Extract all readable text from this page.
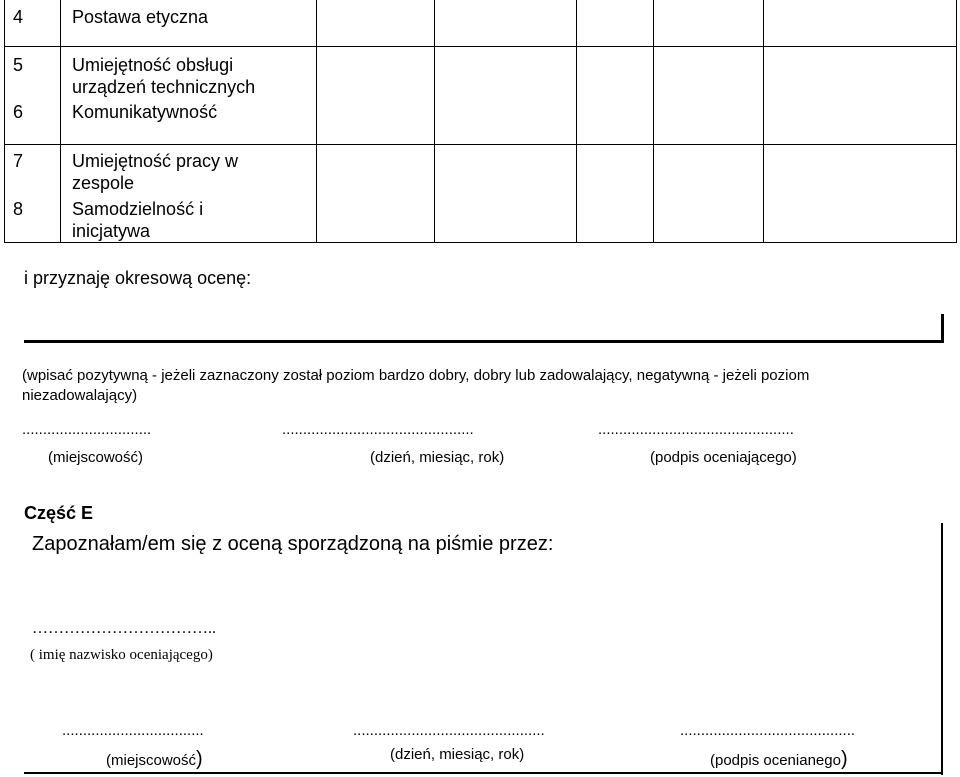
4	Postawa etyczna
5	Umiejętność obsługi
urządzeń technicznych
6	Komunikatywność
7	Umiejętność pracy w
zespole
8	Samodzielność i
inicjatywa
i przyznaję okresową ocenę:
(wpisać pozytywną - jeżeli zaznaczony został poziom bardzo dobry, dobry lub zadowalający, negatywną - jeżeli poziom niezadowalający)
...............................	..............................................	...............................................
(miejscowość)	(dzień, miesiąc, rok)	(podpis oceniającego)
Część E
Zapoznałam/em się z oceną sporządzoną na piśmie przez:
……………………………..
( imię nazwisko oceniającego)
..................................	..............................................	..........................................
(miejscowość)	(dzień, miesiąc, rok)	(podpis ocenianego)
